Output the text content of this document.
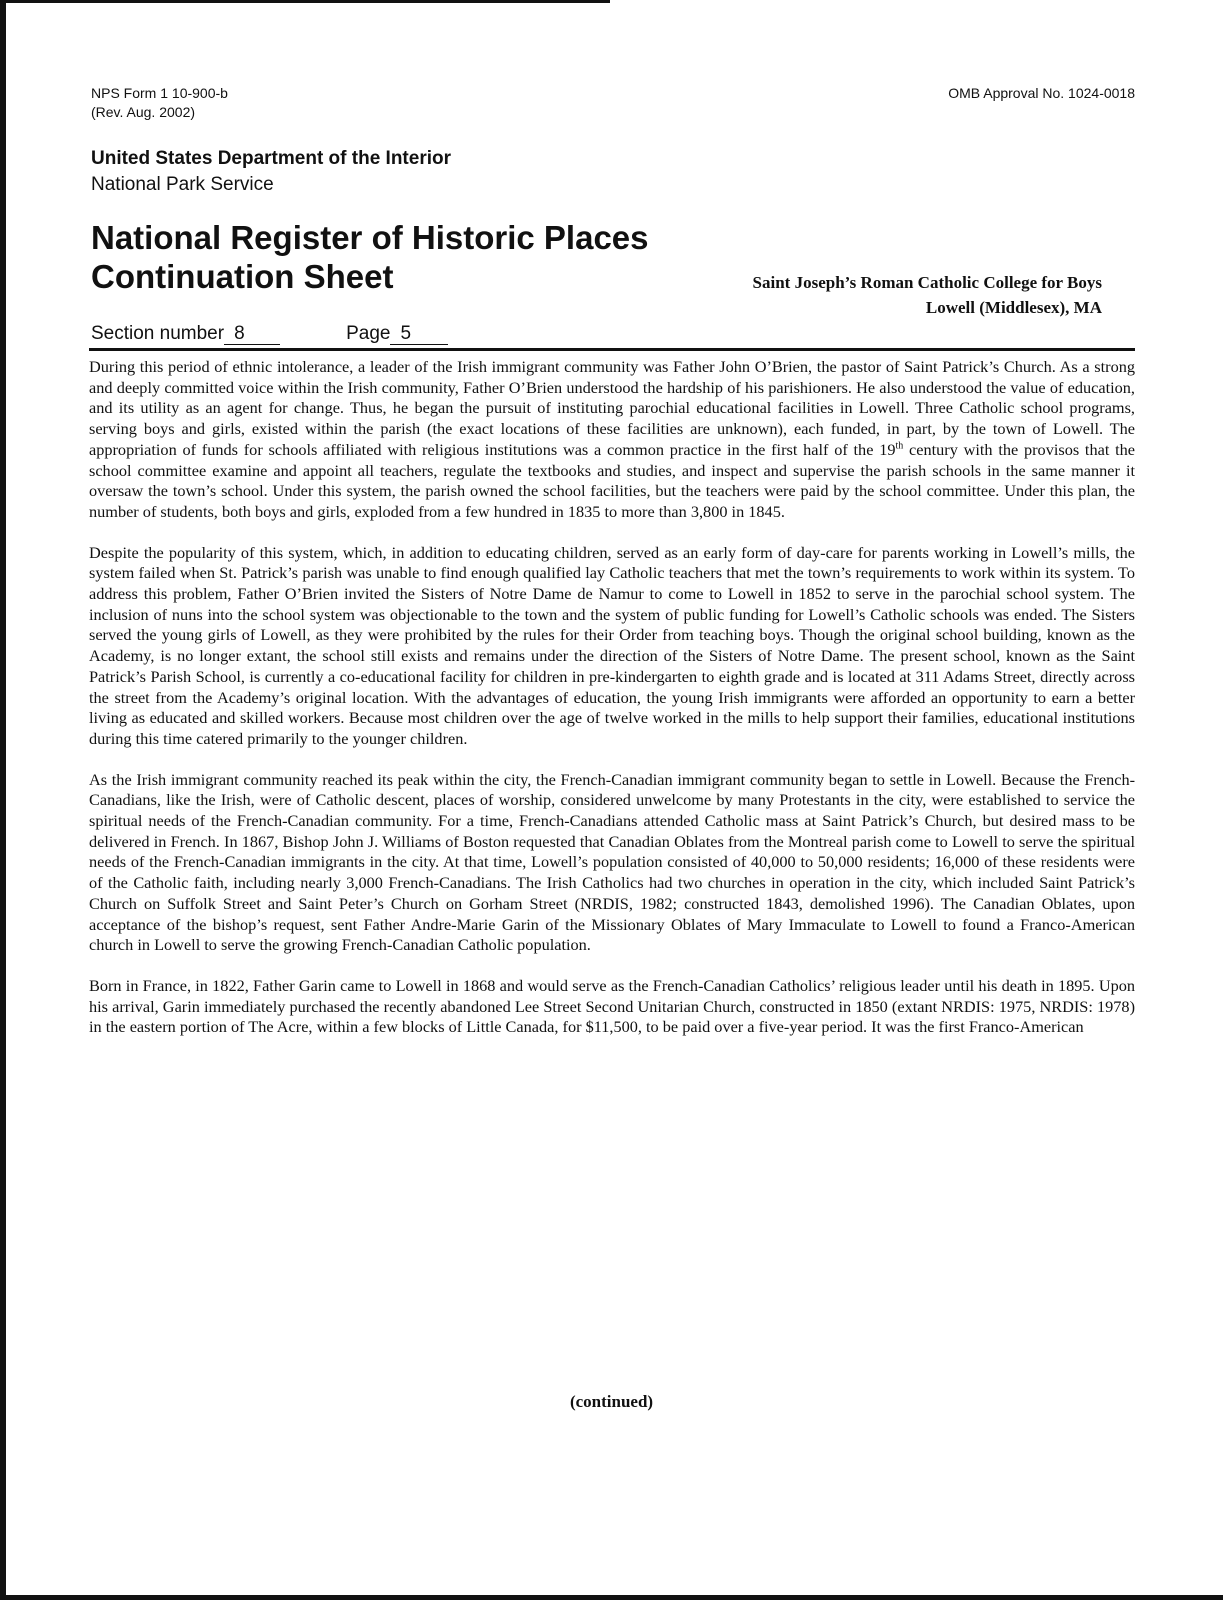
NPS Form 1 10-900-b
(Rev. Aug. 2002)
OMB Approval No. 1024-0018
United States Department of the Interior
National Park Service
National Register of Historic Places
Continuation Sheet	Saint Joseph’s Roman Catholic College for Boys
Lowell (Middlesex), MA
Section number 8	Page 5

During this period of ethnic intolerance, a leader of the Irish immigrant community was Father John O’Brien, the pastor of Saint Patrick’s Church. As a strong and deeply committed voice within the Irish community, Father O’Brien understood the hardship of his parishioners. He also understood the value of education, and its utility as an agent for change. Thus, he began the pursuit of instituting parochial educational facilities in Lowell. Three Catholic school programs, serving boys and girls, existed within the parish (the exact locations of these facilities are unknown), each funded, in part, by the town of Lowell. The appropriation of funds for schools affiliated with religious institutions was a common practice in the first half of the 19th century with the provisos that the school committee examine and appoint all teachers, regulate the textbooks and studies, and inspect and supervise the parish schools in the same manner it oversaw the town’s school. Under this system, the parish owned the school facilities, but the teachers were paid by the school committee. Under this plan, the number of students, both boys and girls, exploded from a few hundred in 1835 to more than 3,800 in 1845.

Despite the popularity of this system, which, in addition to educating children, served as an early form of day-care for parents working in Lowell’s mills, the system failed when St. Patrick’s parish was unable to find enough qualified lay Catholic teachers that met the town’s requirements to work within its system. To address this problem, Father O’Brien invited the Sisters of Notre Dame de Namur to come to Lowell in 1852 to serve in the parochial school system. The inclusion of nuns into the school system was objectionable to the town and the system of public funding for Lowell’s Catholic schools was ended. The Sisters served the young girls of Lowell, as they were prohibited by the rules for their Order from teaching boys. Though the original school building, known as the Academy, is no longer extant, the school still exists and remains under the direction of the Sisters of Notre Dame. The present school, known as the Saint Patrick’s Parish School, is currently a co-educational facility for children in pre-kindergarten to eighth grade and is located at 311 Adams Street, directly across the street from the Academy’s original location. With the advantages of education, the young Irish immigrants were afforded an opportunity to earn a better living as educated and skilled workers. Because most children over the age of twelve worked in the mills to help support their families, educational institutions during this time catered primarily to the younger children.

As the Irish immigrant community reached its peak within the city, the French-Canadian immigrant community began to settle in Lowell. Because the French-Canadians, like the Irish, were of Catholic descent, places of worship, considered unwelcome by many Protestants in the city, were established to service the spiritual needs of the French-Canadian community. For a time, French-Canadians attended Catholic mass at Saint Patrick’s Church, but desired mass to be delivered in French. In 1867, Bishop John J. Williams of Boston requested that Canadian Oblates from the Montreal parish come to Lowell to serve the spiritual needs of the French-Canadian immigrants in the city. At that time, Lowell’s population consisted of 40,000 to 50,000 residents; 16,000 of these residents were of the Catholic faith, including nearly 3,000 French-Canadians. The Irish Catholics had two churches in operation in the city, which included Saint Patrick’s Church on Suffolk Street and Saint Peter’s Church on Gorham Street (NRDIS, 1982; constructed 1843, demolished 1996). The Canadian Oblates, upon acceptance of the bishop’s request, sent Father Andre-Marie Garin of the Missionary Oblates of Mary Immaculate to Lowell to found a Franco-American church in Lowell to serve the growing French-Canadian Catholic population.

Born in France, in 1822, Father Garin came to Lowell in 1868 and would serve as the French-Canadian Catholics’ religious leader until his death in 1895. Upon his arrival, Garin immediately purchased the recently abandoned Lee Street Second Unitarian Church, constructed in 1850 (extant NRDIS: 1975, NRDIS: 1978) in the eastern portion of The Acre, within a few blocks of Little Canada, for $11,500, to be paid over a five-year period. It was the first Franco-American

(continued)
